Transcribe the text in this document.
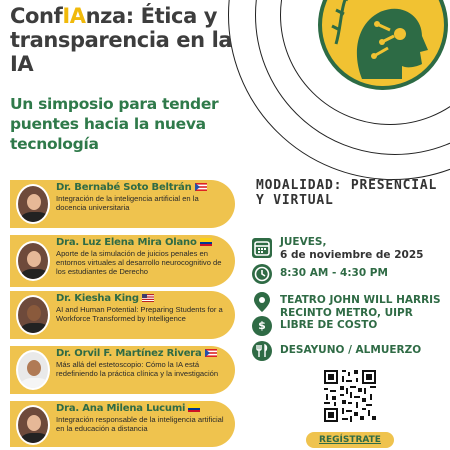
ConfIAnza: Ética y transparencia en la IA
Un simposio para tender puentes hacia la nueva tecnología
Dr. Bernabé Soto Beltrán
Integración de la inteligencia artificial en la docencia universitaria
Dra. Luz Elena Mira Olano
Aporte de la simulación de juicios penales en entornos virtuales al desarrollo neurocognitivo de los estudiantes de Derecho
Dr. Kiesha King
AI and Human Potential: Preparing Students for a Workforce Transformed by Intelligence
Dr. Orvil F. Martínez Rivera
Más allá del estetoscopio: Cómo la IA está redefiniendo la práctica clínica y la investigación
Dra. Ana Milena Lucumi
Integración responsable de la inteligencia artificial en la educación a distancia
MODALIDAD: PRESENCIAL Y VIRTUAL
JUEVES,
6 de noviembre de 2025
8:30 AM - 4:30 PM
TEATRO JOHN WILL HARRIS RECINTO METRO, UIPR
$	LIBRE DE COSTO
DESAYUNO / ALMUERZO
REGÍSTRATE
